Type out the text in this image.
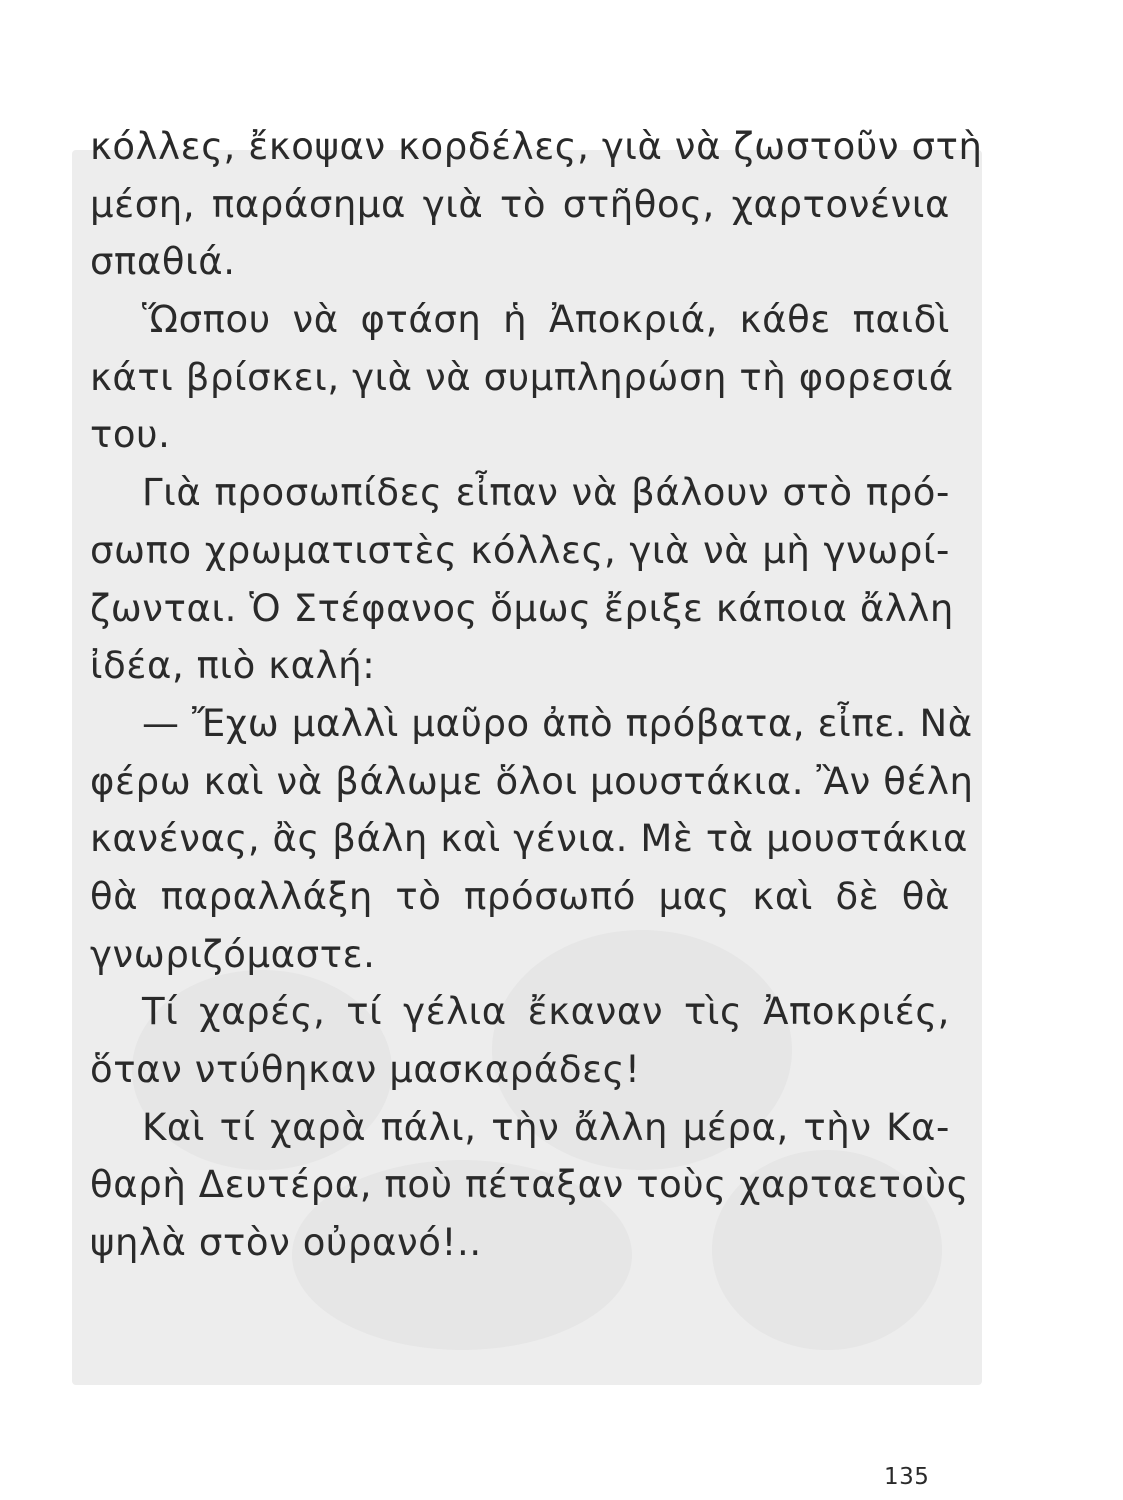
κόλλες, ἔκοψαν κορδέλες, γιὰ νὰ ζωστοῦν στὴ
μέση, παράσημα γιὰ τὸ στῆθος, χαρτονένια
σπαθιά.
Ὥσπου νὰ φτάση ἡ Ἀποκριά, κάθε παιδὶ
κάτι βρίσκει, γιὰ νὰ συμπληρώση τὴ φορεσιά
του.
Γιὰ προσωπίδες εἶπαν νὰ βάλουν στὸ πρό-
σωπο χρωματιστὲς κόλλες, γιὰ νὰ μὴ γνωρί-
ζωνται. Ὁ Στέφανος ὅμως ἔριξε κάποια ἄλλη
ἰδέα, πιὸ καλή:
— Ἔχω μαλλὶ μαῦρο ἀπὸ πρόβατα, εἶπε. Νὰ
φέρω καὶ νὰ βάλωμε ὅλοι μουστάκια. Ἂν θέλη
κανένας, ἂς βάλη καὶ γένια. Μὲ τὰ μουστάκια
θὰ παραλλάξη τὸ πρόσωπό μας καὶ δὲ θὰ
γνωριζόμαστε.
Τί χαρές, τί γέλια ἔκαναν τὶς Ἀποκριές,
ὅταν ντύθηκαν μασκαράδες!
Καὶ τί χαρὰ πάλι, τὴν ἄλλη μέρα, τὴν Κα-
θαρὴ Δευτέρα, ποὺ πέταξαν τοὺς χαρταετοὺς
ψηλὰ στὸν οὐρανό!..
135
